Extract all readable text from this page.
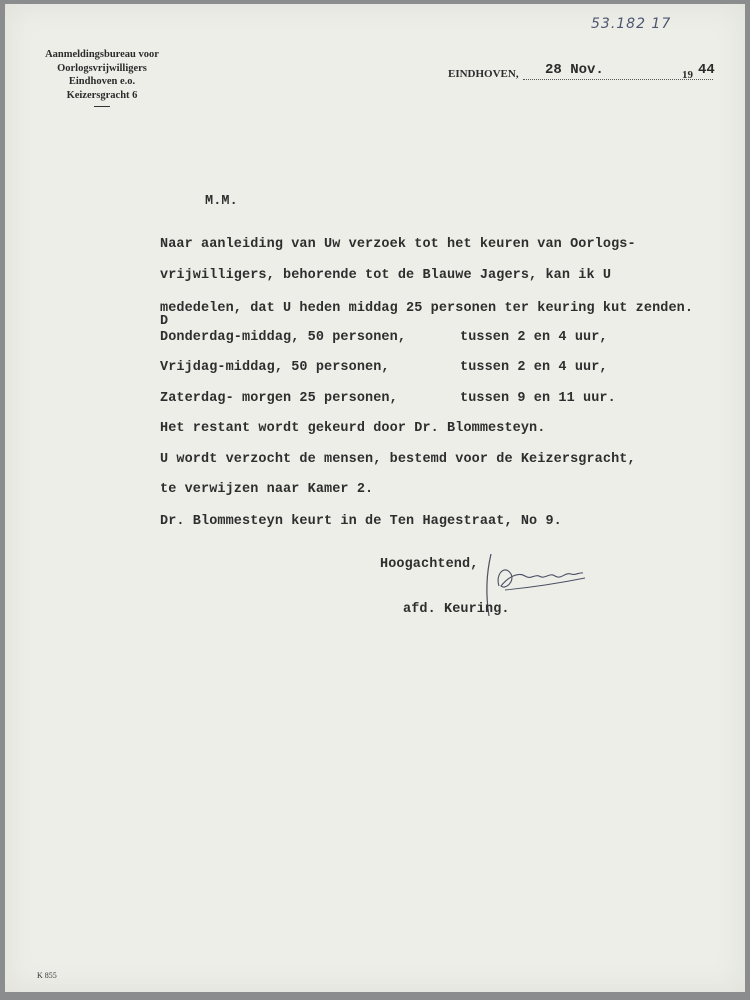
Aanmeldingsbureau voor
Oorlogsvrijwilligers
Eindhoven e.o.
Keizersgracht 6
53.182 17
EINDHOVEN, 28 Nov.	19 44
M.M.
Naar aanleiding van Uw verzoek tot het keuren van Oorlogs-
vrijwilligers, behorende tot de Blauwe Jagers, kan ik U
mededelen, dat U heden middag 25 personen ter keuring kut zenden.
D
Donderdag-middag, 50 personen,	tussen 2 en 4 uur,
Vrijdag-middag, 50 personen,	tussen 2 en 4 uur,
Zaterdag- morgen 25 personen,	tussen 9 en 11 uur.
Het restant wordt gekeurd door Dr. Blommesteyn.
U wordt verzocht de mensen, bestemd voor de Keizersgracht,
te verwijzen naar Kamer 2.
Dr. Blommesteyn keurt in de Ten Hagestraat, No 9.
Hoogachtend,
afd. Keuring.
K 855
